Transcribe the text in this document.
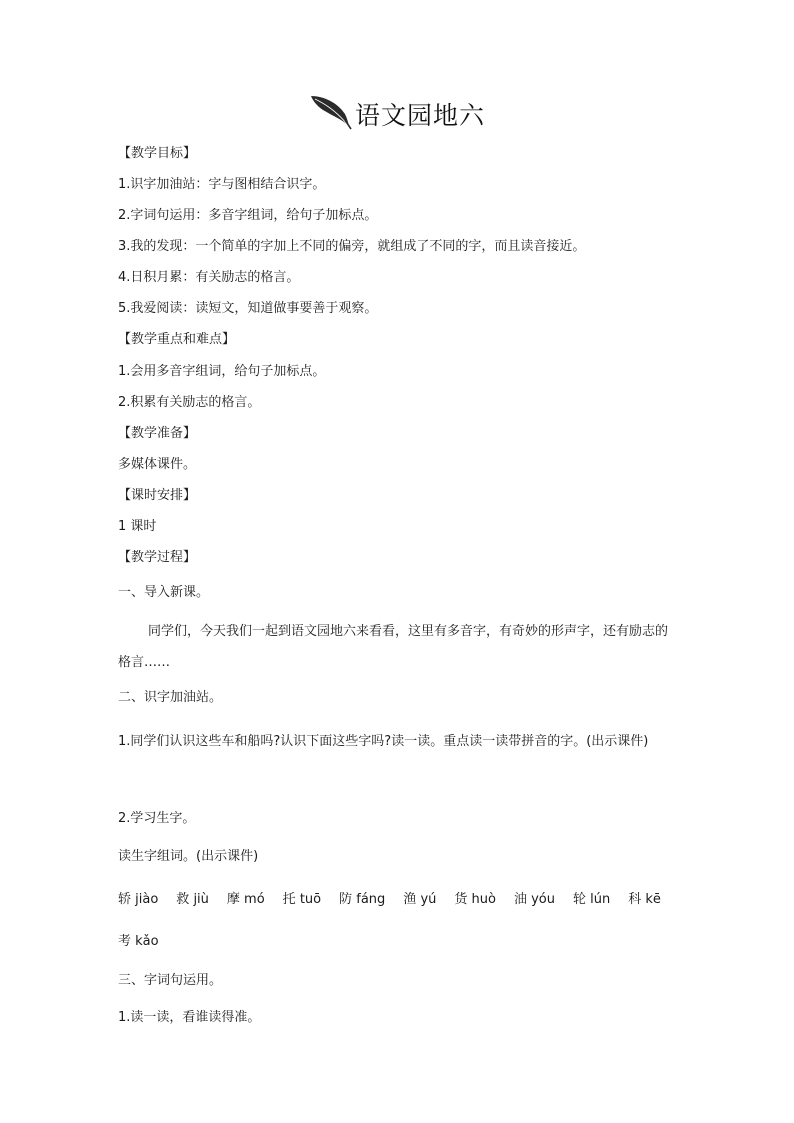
语文园地六
【教学目标】
1.识字加油站：字与图相结合识字。
2.字词句运用：多音字组词，给句子加标点。
3.我的发现：一个简单的字加上不同的偏旁，就组成了不同的字，而且读音接近。
4.日积月累：有关励志的格言。
5.我爱阅读：读短文，知道做事要善于观察。
【教学重点和难点】
1.会用多音字组词，给句子加标点。
2.积累有关励志的格言。
【教学准备】
多媒体课件。
【课时安排】
1 课时
【教学过程】
一、导入新课。
同学们，今天我们一起到语文园地六来看看，这里有多音字，有奇妙的形声字，还有励志的格言……
二、识字加油站。
1.同学们认识这些车和船吗?认识下面这些字吗?读一读。重点读一读带拼音的字。(出示课件)
2.学习生字。
读生字组词。(出示课件)
轿 jiào 救 jiù 摩 mó 托 tuō 防 fáng 渔 yú 货 huò 油 yóu 轮 lún 科 kē
考 kǎo
三、字词句运用。
1.读一读，看谁读得准。
